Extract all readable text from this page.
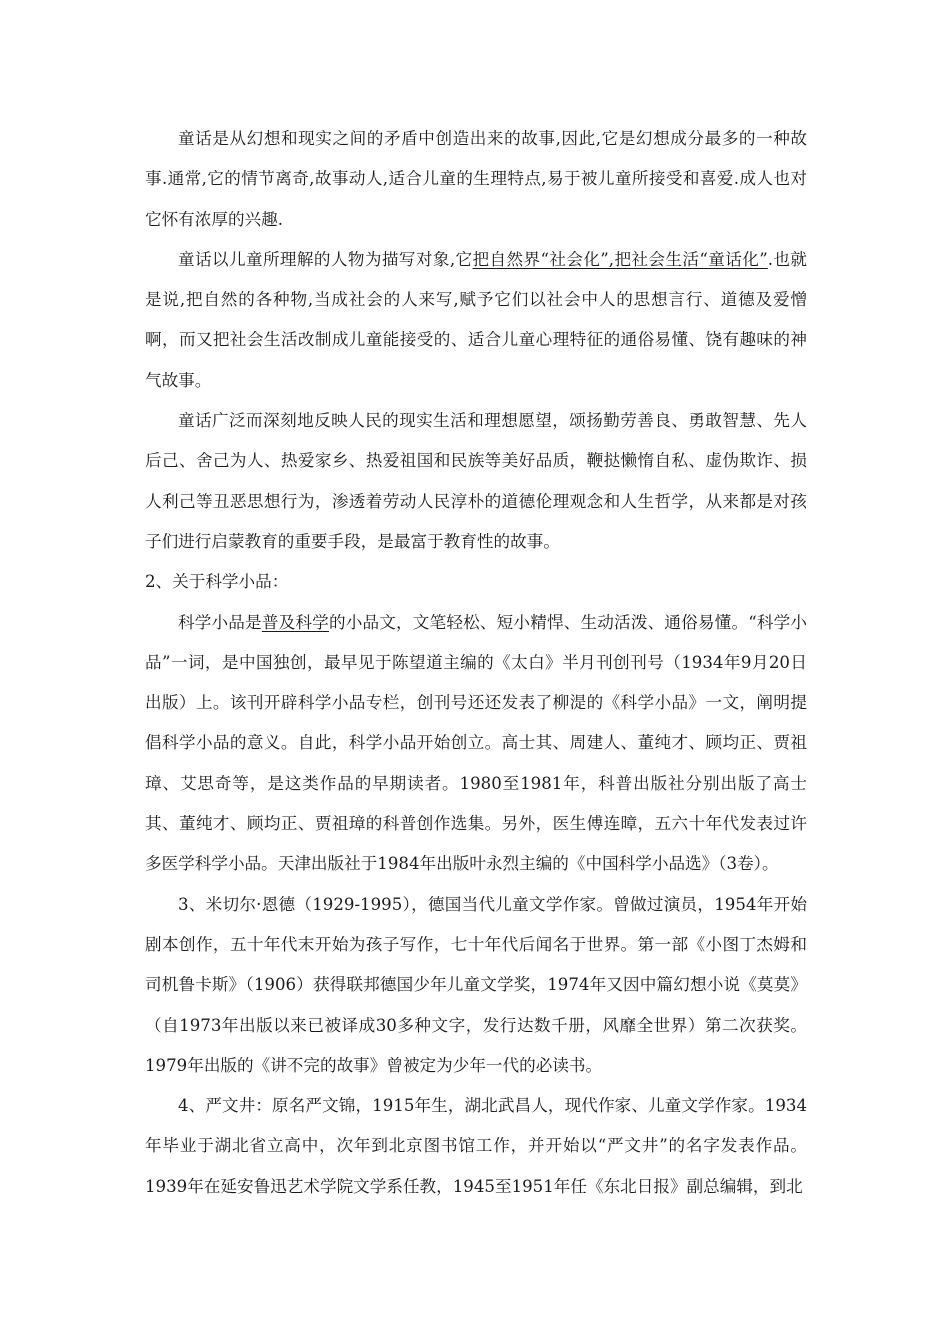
童话是从幻想和现实之间的矛盾中创造出来的故事,因此,它是幻想成分最多的一种故事.通常,它的情节离奇,故事动人,适合儿童的生理特点,易于被儿童所接受和喜爱.成人也对它怀有浓厚的兴趣.

童话以儿童所理解的人物为描写对象,它把自然界“社会化”,把社会生活“童话化”.也就是说,把自然的各种物,当成社会的人来写,赋予它们以社会中人的思想言行、道德及爱憎啊，而又把社会生活改制成儿童能接受的、适合儿童心理特征的通俗易懂、饶有趣味的神气故事。

童话广泛而深刻地反映人民的现实生活和理想愿望，颂扬勤劳善良、勇敢智慧、先人后己、舍己为人、热爱家乡、热爱祖国和民族等美好品质，鞭挞懒惰自私、虚伪欺诈、损人利己等丑恶思想行为，渗透着劳动人民淳朴的道德伦理观念和人生哲学，从来都是对孩子们进行启蒙教育的重要手段，是最富于教育性的故事。

2、关于科学小品：

科学小品是普及科学的小品文，文笔轻松、短小精悍、生动活泼、通俗易懂。“科学小品”一词，是中国独创，最早见于陈望道主编的《太白》半月刊创刊号（1934年9月20日出版）上。该刊开辟科学小品专栏，创刊号还还发表了柳湜的《科学小品》一文，阐明提倡科学小品的意义。自此，科学小品开始创立。高士其、周建人、董纯才、顾均正、贾祖璋、艾思奇等，是这类作品的早期读者。1980至1981年，科普出版社分别出版了高士其、董纯才、顾均正、贾祖璋的科普创作选集。另外，医生傅连暲，五六十年代发表过许多医学科学小品。天津出版社于1984年出版叶永烈主编的《中国科学小品选》（3卷）。

3、米切尔·恩德（1929-1995），德国当代儿童文学作家。曾做过演员，1954年开始剧本创作，五十年代末开始为孩子写作，七十年代后闻名于世界。第一部《小图丁杰姆和司机鲁卡斯》（1906）获得联邦德国少年儿童文学奖，1974年又因中篇幻想小说《莫莫》（自1973年出版以来已被译成30多种文字，发行达数千册，风靡全世界）第二次获奖。1979年出版的《讲不完的故事》曾被定为少年一代的必读书。

4、严文井：原名严文锦，1915年生，湖北武昌人，现代作家、儿童文学作家。1934年毕业于湖北省立高中，次年到北京图书馆工作，并开始以“严文井”的名字发表作品。1939年在延安鲁迅艺术学院文学系任教，1945至1951年任《东北日报》副总编辑，到北
